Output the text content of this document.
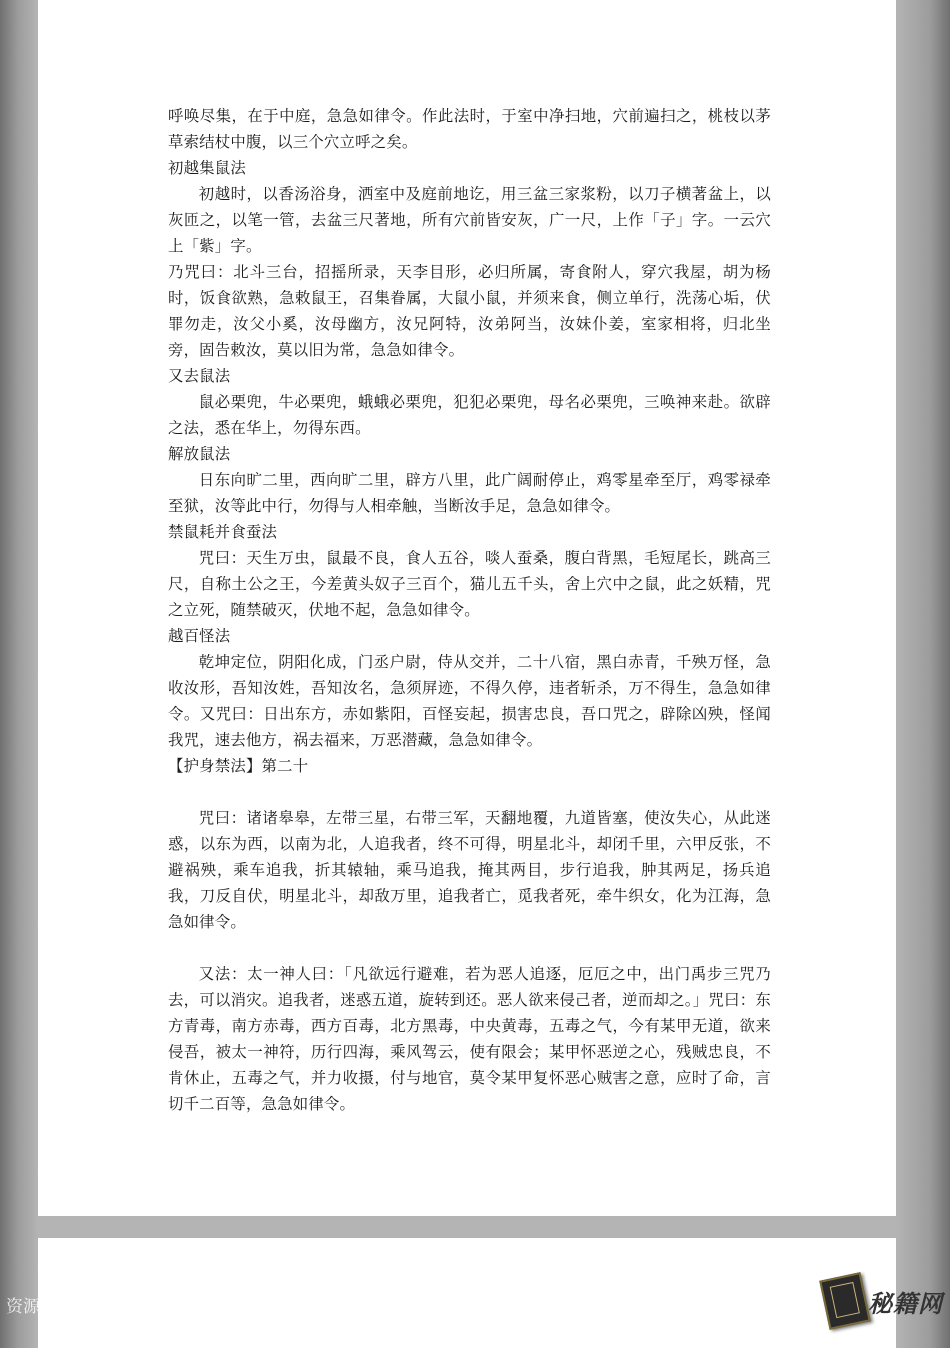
呼唤尽集，在于中庭，急急如律令。作此法时，于室中净扫地，穴前遍扫之，桃枝以茅草索结杖中腹，以三个穴立呼之矣。

初越集鼠法

初越时，以香汤浴身，洒室中及庭前地讫，用三盆三家浆粉，以刀子横著盆上，以灰匝之，以笔一管，去盆三尺著地，所有穴前皆安灰，广一尺，上作「子」字。一云穴上「紫」字。

乃咒曰：北斗三台，招摇所录，天李目形，必归所属，寄食附人，穿穴我屋，胡为杨时，饭食欲熟，急敕鼠王，召集眷属，大鼠小鼠，并须来食，侧立单行，洗荡心垢，伏罪勿走，汝父小奚，汝母幽方，汝兄阿特，汝弟阿当，汝妹仆姜，室家相将，归北坐旁，固告敕汝，莫以旧为常，急急如律令。

又去鼠法

鼠必栗兜，牛必栗兜，蛾蛾必栗兜，犯犯必栗兜，母名必栗兜，三唤神来赴。欲辟之法，悉在华上，勿得东西。

解放鼠法

日东向旷二里，西向旷二里，辟方八里，此广阔耐停止，鸡零星牵至厅，鸡零禄牵至狱，汝等此中行，勿得与人相牵触，当断汝手足，急急如律令。

禁鼠耗并食蚕法

咒曰：天生万虫，鼠最不良，食人五谷，啖人蚕桑，腹白背黑，毛短尾长，跳高三尺，自称土公之王，今差黄头奴子三百个，猫儿五千头，舍上穴中之鼠，此之妖精，咒之立死，随禁破灭，伏地不起，急急如律令。

越百怪法

乾坤定位，阴阳化成，门丞户尉，侍从交并，二十八宿，黑白赤青，千殃万怪，急收汝形，吾知汝姓，吾知汝名，急须屏迹，不得久停，违者斩杀，万不得生，急急如律令。又咒曰：日出东方，赤如紫阳，百怪妄起，损害忠良，吾口咒之，辟除凶殃，怪闻我咒，速去他方，祸去福来，万恶潜藏，急急如律令。

【护身禁法】第二十

咒曰：诸诸皋皋，左带三星，右带三军，天翻地覆，九道皆塞，使汝失心，从此迷惑，以东为西，以南为北，人追我者，终不可得，明星北斗，却闭千里，六甲反张，不避祸殃，乘车追我，折其辕轴，乘马追我，掩其两目，步行追我，肿其两足，扬兵追我，刀反自伏，明星北斗，却敌万里，追我者亡，觅我者死，牵牛织女，化为江海，急急如律令。

又法：太一神人曰：「凡欲远行避难，若为恶人追逐，厄厄之中，出门禹步三咒乃去，可以消灾。追我者，迷惑五道，旋转到还。恶人欲来侵己者，逆而却之。」咒曰：东方青毒，南方赤毒，西方百毒，北方黑毒，中央黄毒，五毒之气，今有某甲无道，欲来侵吾，被太一神符，历行四海，乘风驾云，使有限会；某甲怀恶逆之心，残贼忠良，不肯休止，五毒之气，并力收摄，付与地官，莫令某甲复怀恶心贼害之意，应时了命，言切千二百等，急急如律令。

资源	秘籍网
